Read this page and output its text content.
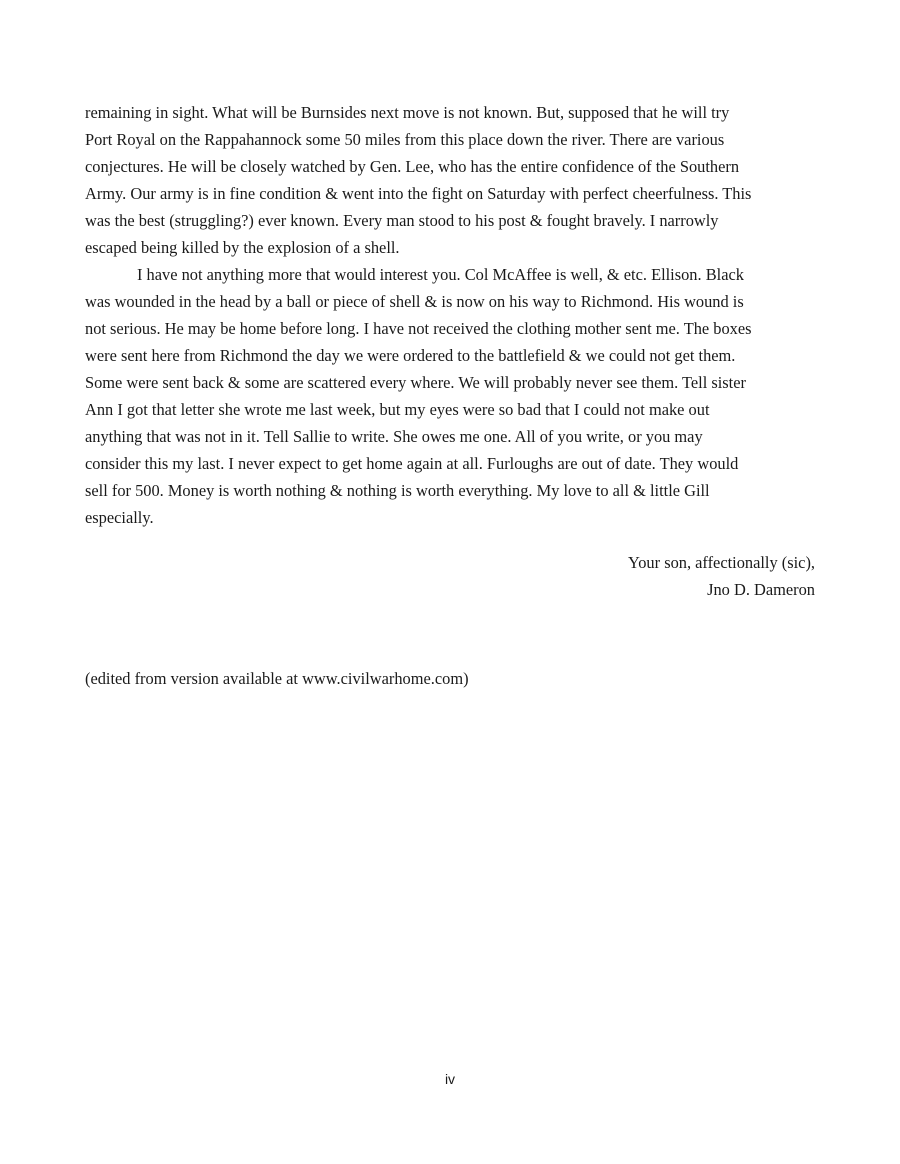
remaining in sight. What will be Burnsides next move is not known. But, supposed that he will try
Port Royal on the Rappahannock some 50 miles from this place down the river. There are various
conjectures. He will be closely watched by Gen. Lee, who has the entire confidence of the Southern
Army. Our army is in fine condition & went into the fight on Saturday with perfect cheerfulness. This
was the best (struggling?) ever known. Every man stood to his post & fought bravely. I narrowly
escaped being killed by the explosion of a shell.
I have not anything more that would interest you. Col McAffee is well, & etc. Ellison. Black
was wounded in the head by a ball or piece of shell & is now on his way to Richmond. His wound is
not serious. He may be home before long. I have not received the clothing mother sent me. The boxes
were sent here from Richmond the day we were ordered to the battlefield & we could not get them.
Some were sent back & some are scattered every where. We will probably never see them. Tell sister
Ann I got that letter she wrote me last week, but my eyes were so bad that I could not make out
anything that was not in it. Tell Sallie to write. She owes me one. All of you write, or you may
consider this my last. I never expect to get home again at all. Furloughs are out of date. They would
sell for 500. Money is worth nothing & nothing is worth everything. My love to all & little Gill
especially.
Your son, affectionally (sic),
Jno D. Dameron
(edited from version available at www.civilwarhome.com)
iv
